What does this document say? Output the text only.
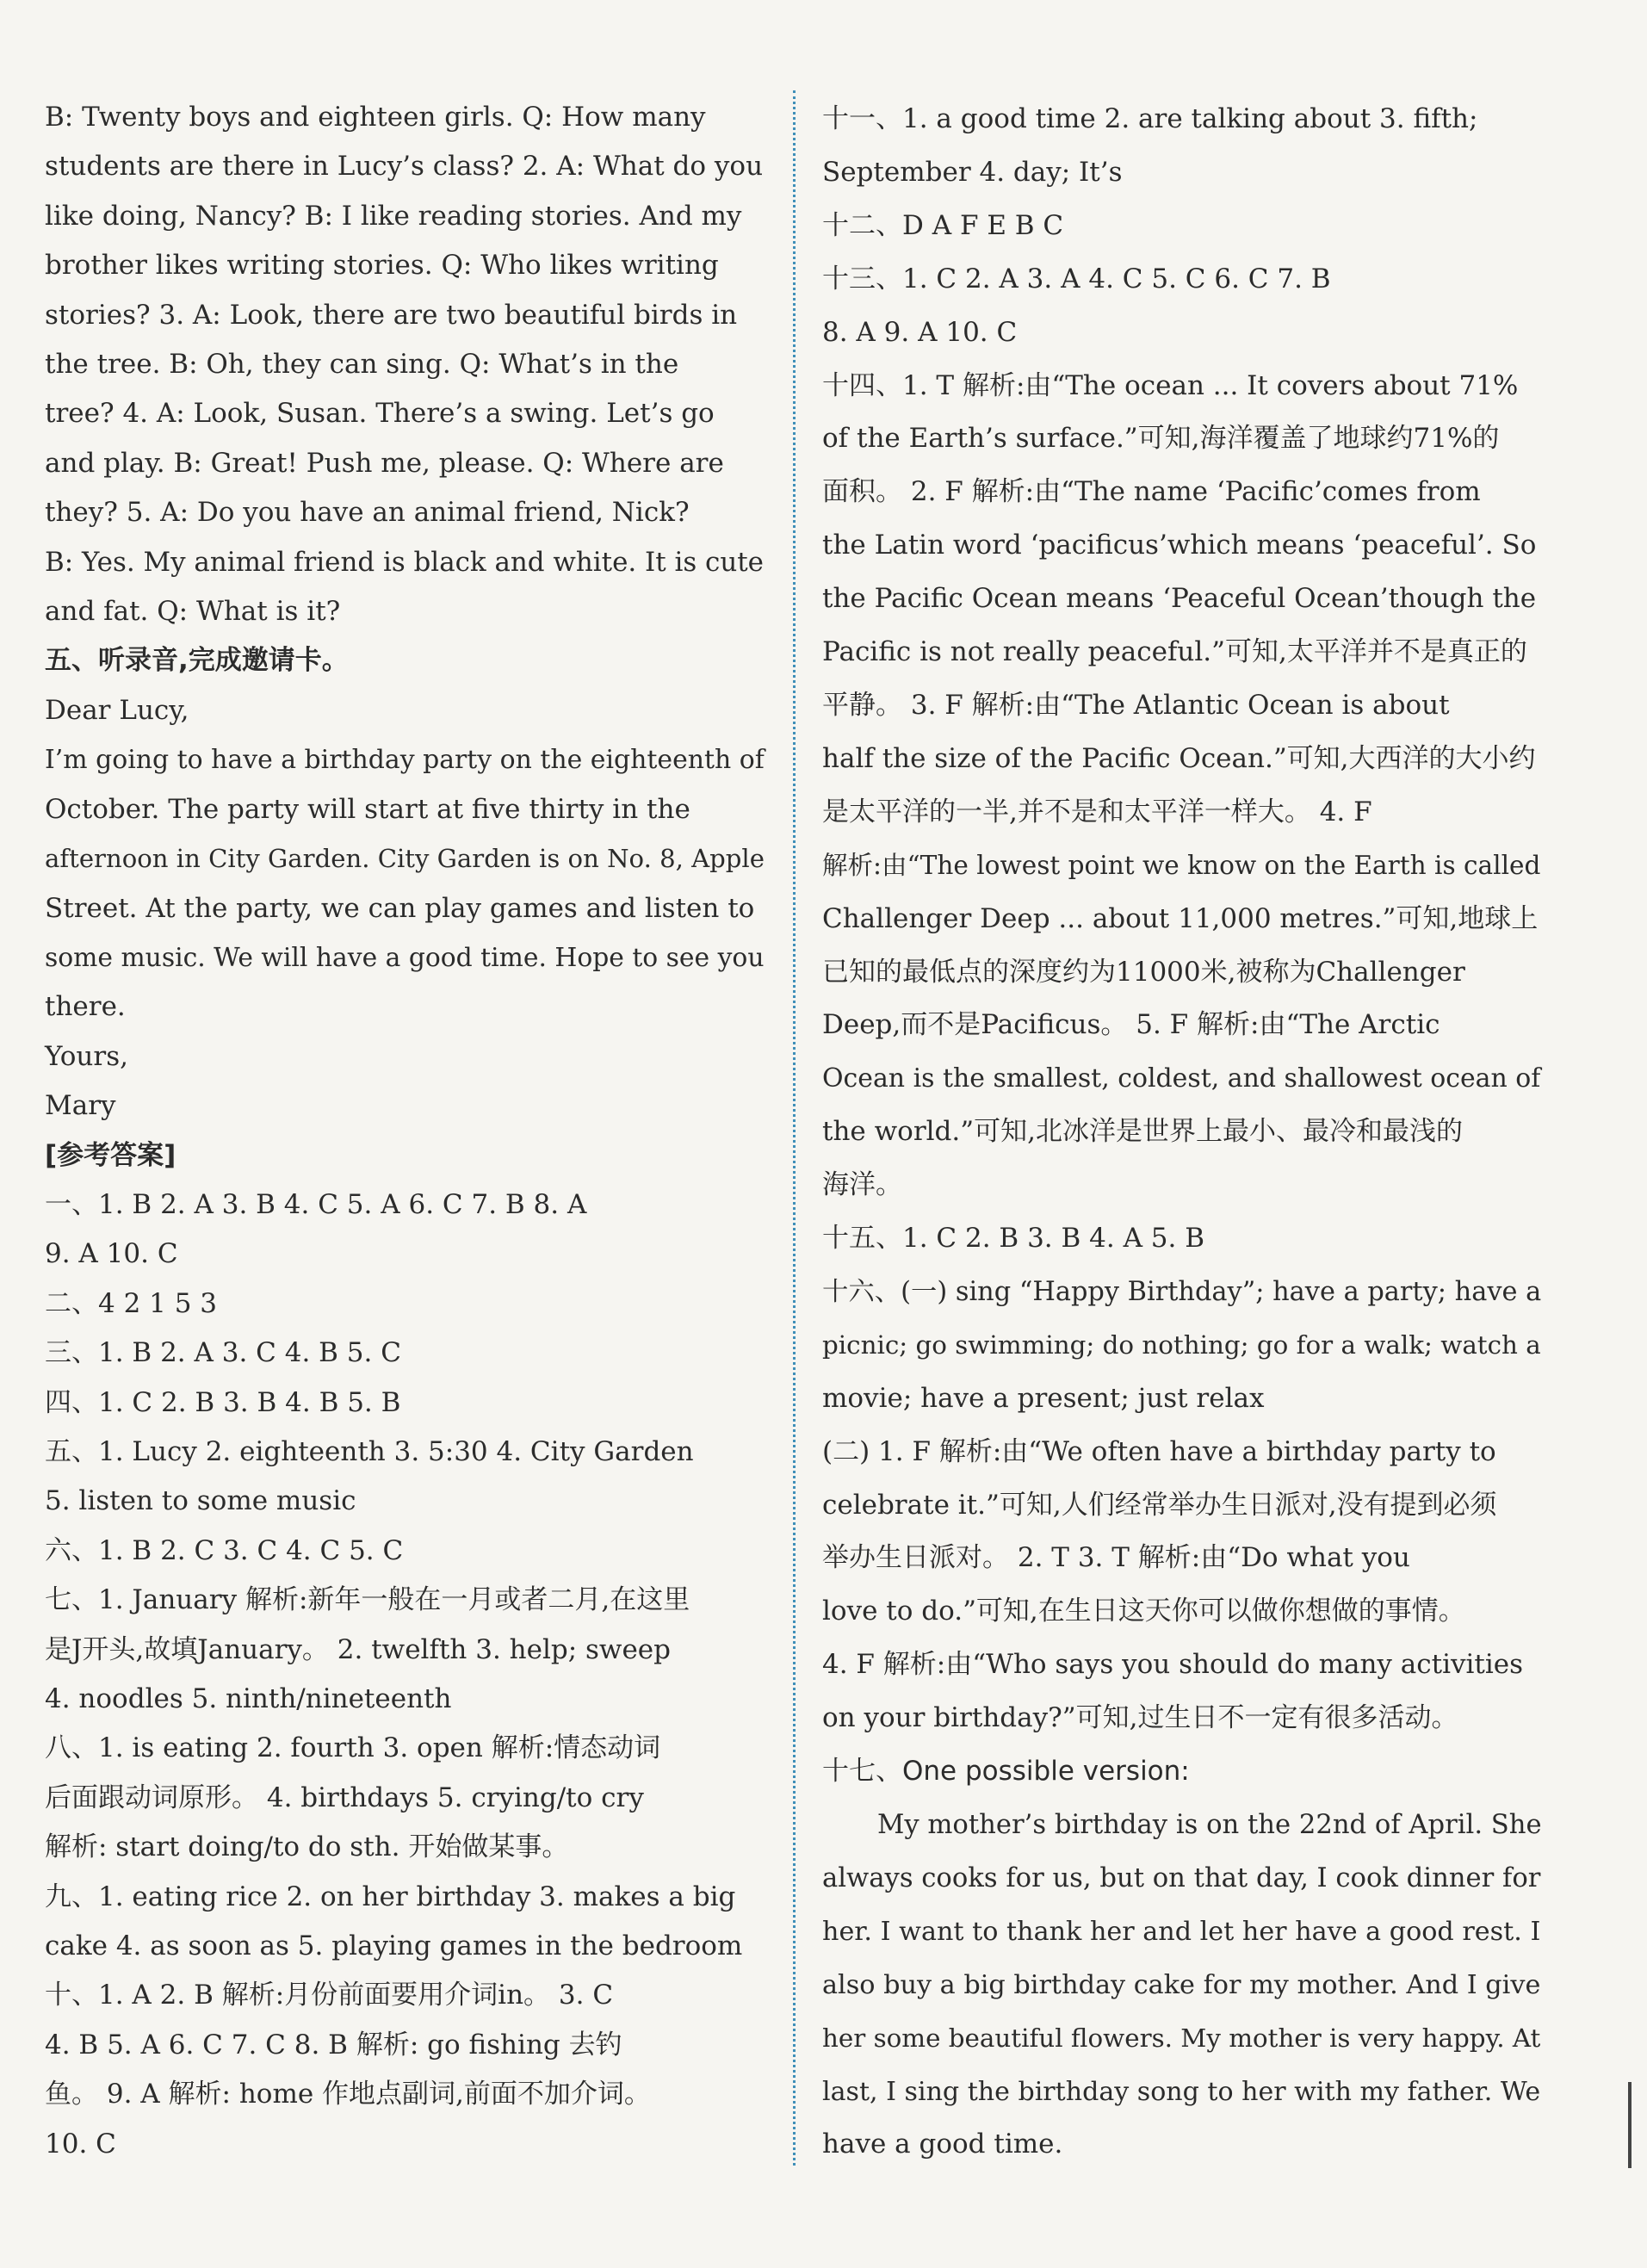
B: Twenty boys and eighteen girls. Q: How many
students are there in Lucy’s class? 2. A: What do you
like doing, Nancy? B: I like reading stories. And my
brother likes writing stories. Q: Who likes writing
stories? 3. A: Look, there are two beautiful birds in
the tree. B: Oh, they can sing. Q: What’s in the
tree? 4. A: Look, Susan. There’s a swing. Let’s go
and play. B: Great! Push me, please. Q: Where are
they? 5. A: Do you have an animal friend, Nick?
B: Yes. My animal friend is black and white. It is cute
and fat. Q: What is it?
五、听录音,完成邀请卡。
Dear Lucy,
I’m going to have a birthday party on the eighteenth of
October. The party will start at five thirty in the
afternoon in City Garden. City Garden is on No. 8, Apple
Street. At the party, we can play games and listen to
some music. We will have a good time. Hope to see you
there.
Yours,
Mary
[参考答案]
一、1. B 2. A 3. B 4. C 5. A 6. C 7. B 8. A
9. A 10. C
二、4 2 1 5 3
三、1. B 2. A 3. C 4. B 5. C
四、1. C 2. B 3. B 4. B 5. B
五、1. Lucy 2. eighteenth 3. 5:30 4. City Garden
5. listen to some music
六、1. B 2. C 3. C 4. C 5. C
七、1. January 解析:新年一般在一月或者二月,在这里
是J开头,故填January。 2. twelfth 3. help; sweep
4. noodles 5. ninth/nineteenth
八、1. is eating 2. fourth 3. open 解析:情态动词
后面跟动词原形。 4. birthdays 5. crying/to cry
解析: start doing/to do sth. 开始做某事。
九、1. eating rice 2. on her birthday 3. makes a big
cake 4. as soon as 5. playing games in the bedroom
十、1. A 2. B 解析:月份前面要用介词in。 3. C
4. B 5. A 6. C 7. C 8. B 解析: go fishing 去钓
鱼。 9. A 解析: home 作地点副词,前面不加介词。
10. C
十一、1. a good time 2. are talking about 3. fifth;
September 4. day; It’s
十二、D A F E B C
十三、1. C 2. A 3. A 4. C 5. C 6. C 7. B
8. A 9. A 10. C
十四、1. T 解析:由“The ocean ... It covers about 71%
of the Earth’s surface.”可知,海洋覆盖了地球约71%的
面积。 2. F 解析:由“The name ‘Pacific’comes from
the Latin word ‘pacificus’which means ‘peaceful’. So
the Pacific Ocean means ‘Peaceful Ocean’though the
Pacific is not really peaceful.”可知,太平洋并不是真正的
平静。 3. F 解析:由“The Atlantic Ocean is about
half the size of the Pacific Ocean.”可知,大西洋的大小约
是太平洋的一半,并不是和太平洋一样大。 4. F
解析:由“The lowest point we know on the Earth is called
Challenger Deep ... about 11,000 metres.”可知,地球上
已知的最低点的深度约为11000米,被称为Challenger
Deep,而不是Pacificus。 5. F 解析:由“The Arctic
Ocean is the smallest, coldest, and shallowest ocean of
the world.”可知,北冰洋是世界上最小、最冷和最浅的
海洋。
十五、1. C 2. B 3. B 4. A 5. B
十六、(一) sing “Happy Birthday”; have a party; have a
picnic; go swimming; do nothing; go for a walk; watch a
movie; have a present; just relax
(二) 1. F 解析:由“We often have a birthday party to
celebrate it.”可知,人们经常举办生日派对,没有提到必须
举办生日派对。 2. T 3. T 解析:由“Do what you
love to do.”可知,在生日这天你可以做你想做的事情。
4. F 解析:由“Who says you should do many activities
on your birthday?”可知,过生日不一定有很多活动。
十七、One possible version:
My mother’s birthday is on the 22nd of April. She
always cooks for us, but on that day, I cook dinner for
her. I want to thank her and let her have a good rest. I
also buy a big birthday cake for my mother. And I give
her some beautiful flowers. My mother is very happy. At
last, I sing the birthday song to her with my father. We
have a good time.
